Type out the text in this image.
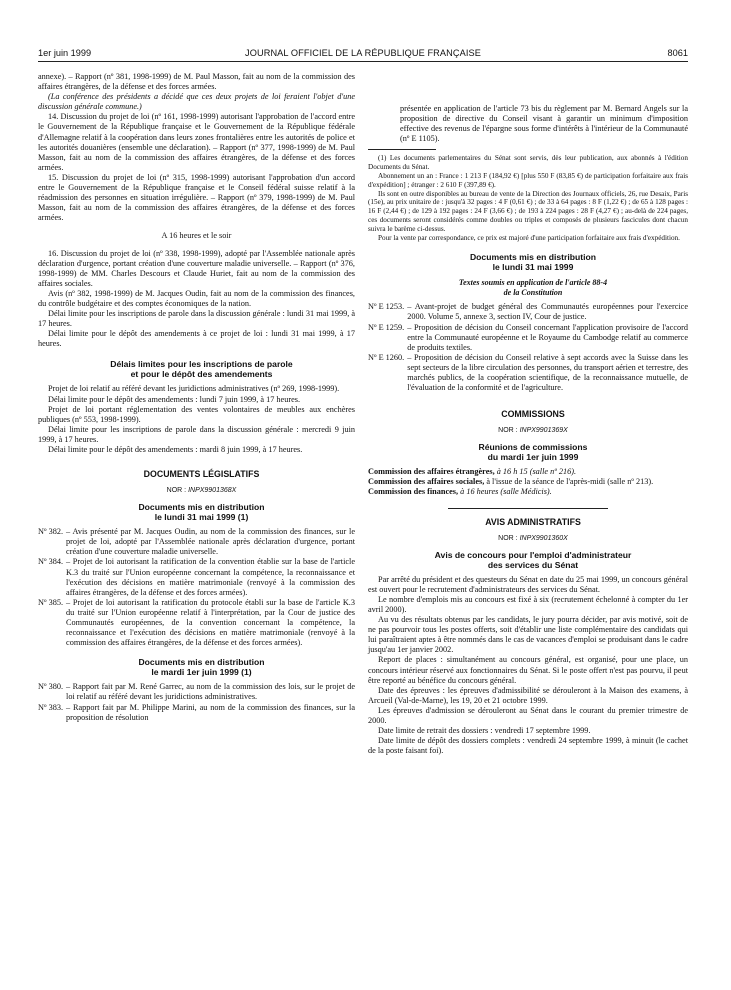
1er juin 1999	JOURNAL OFFICIEL DE LA RÉPUBLIQUE FRANÇAISE	8061

annexe). – Rapport (nº 381, 1998-1999) de M. Paul Masson, fait au nom de la commission des affaires étrangères, de la défense et des forces armées.

(La conférence des présidents a décidé que ces deux projets de loi feraient l'objet d'une discussion générale commune.)

14. Discussion du projet de loi (nº 161, 1998-1999) autorisant l'approbation de l'accord entre le Gouvernement de la République française et le Gouvernement de la République fédérale d'Allemagne relatif à la coopération dans leurs zones frontalières entre les autorités de police et les autorités douanières (ensemble une déclaration). – Rapport (nº 377, 1998-1999) de M. Paul Masson, fait au nom de la commission des affaires étrangères, de la défense et des forces armées.

15. Discussion du projet de loi (nº 315, 1998-1999) autorisant l'approbation d'un accord entre le Gouvernement de la République française et le Conseil fédéral suisse relatif à la réadmission des personnes en situation irrégulière. – Rapport (nº 379, 1998-1999) de M. Paul Masson, fait au nom de la commission des affaires étrangères, de la défense et des forces armées.

A 16 heures et le soir

16. Discussion du projet de loi (nº 338, 1998-1999), adopté par l'Assemblée nationale après déclaration d'urgence, portant création d'une couverture maladie universelle. – Rapport (nº 376, 1998-1999) de MM. Charles Descours et Claude Huriet, fait au nom de la commission des affaires sociales.

Avis (nº 382, 1998-1999) de M. Jacques Oudin, fait au nom de la commission des finances, du contrôle budgétaire et des comptes économiques de la nation.

Délai limite pour les inscriptions de parole dans la discussion générale : lundi 31 mai 1999, à 17 heures.

Délai limite pour le dépôt des amendements à ce projet de loi : lundi 31 mai 1999, à 17 heures.

Délais limites pour les inscriptions de parole

et pour le dépôt des amendements

Projet de loi relatif au référé devant les juridictions administratives (nº 269, 1998-1999).

Délai limite pour le dépôt des amendements : lundi 7 juin 1999, à 17 heures.

Projet de loi portant réglementation des ventes volontaires de meubles aux enchères publiques (nº 553, 1998-1999).

Délai limite pour les inscriptions de parole dans la discussion générale : mercredi 9 juin 1999, à 17 heures.

Délai limite pour le dépôt des amendements : mardi 8 juin 1999, à 17 heures.

DOCUMENTS LÉGISLATIFS

NOR : INPX9901368X

Documents mis en distribution

le lundi 31 mai 1999 (1)

Nº 382. – Avis présenté par M. Jacques Oudin, au nom de la commission des finances, sur le projet de loi, adopté par l'Assemblée nationale après déclaration d'urgence, portant création d'une couverture maladie universelle.
Nº 384. – Projet de loi autorisant la ratification de la convention établie sur la base de l'article K.3 du traité sur l'Union européenne concernant la compétence, la reconnaissance et l'exécution des décisions en matière matrimoniale (renvoyé à la commission des affaires étrangères, de la défense et des forces armées).
Nº 385. – Projet de loi autorisant la ratification du protocole établi sur la base de l'article K.3 du traité sur l'Union européenne relatif à l'interprétation, par la Cour de justice des Communautés européennes, de la convention concernant la compétence, la reconnaissance et l'exécution des décisions en matière matrimoniale (renvoyé à la commission des affaires étrangères, de la défense et des forces armées).

Documents mis en distribution

le mardi 1er juin 1999 (1)

Nº 380. – Rapport fait par M. René Garrec, au nom de la commission des lois, sur le projet de loi relatif au référé devant les juridictions administratives.
Nº 383. – Rapport fait par M. Philippe Marini, au nom de la commission des finances, sur la proposition de résolution

présentée en application de l'article 73 bis du règlement par M. Bernard Angels sur la proposition de directive du Conseil visant à garantir un minimum d'imposition effective des revenus de l'épargne sous forme d'intérêts à l'intérieur de la Communauté (nº E 1105).

(1) Les documents parlementaires du Sénat sont servis, dès leur publication, aux abonnés à l'édition Documents du Sénat.

Abonnement un an : France : 1 213 F (184,92 €) [plus 550 F (83,85 €) de participation forfaitaire aux frais d'expédition] ; étranger : 2 610 F (397,89 €).

Ils sont en outre disponibles au bureau de vente de la Direction des Journaux officiels, 26, rue Desaix, Paris (15e), au prix unitaire de : jusqu'à 32 pages : 4 F (0,61 €) ; de 33 à 64 pages : 8 F (1,22 €) ; de 65 à 128 pages : 16 F (2,44 €) ; de 129 à 192 pages : 24 F (3,66 €) ; de 193 à 224 pages : 28 F (4,27 €) ; au-delà de 224 pages, ces documents seront considérés comme doubles ou triples et composés de plusieurs fascicules dont chacun suivra le barème ci-dessus.

Pour la vente par correspondance, ce prix est majoré d'une participation forfaitaire aux frais d'expédition.

Documents mis en distribution

le lundi 31 mai 1999

Textes soumis en application de l'article 88-4

de la Constitution

Nº E 1253. – Avant-projet de budget général des Communautés européennes pour l'exercice 2000. Volume 5, annexe 3, section IV, Cour de justice.
Nº E 1259. – Proposition de décision du Conseil concernant l'application provisoire de l'accord entre la Communauté européenne et le Royaume du Cambodge relatif au commerce de produits textiles.
Nº E 1260. – Proposition de décision du Conseil relative à sept accords avec la Suisse dans les sept secteurs de la libre circulation des personnes, du transport aérien et terrestre, des marchés publics, de la coopération scientifique, de la reconnaissance mutuelle, de l'évaluation de la conformité et de l'agriculture.

COMMISSIONS

NOR : INPX9901369X

Réunions de commissions

du mardi 1er juin 1999

Commission des affaires étrangères, à 16 h 15 (salle nº 216).

Commission des affaires sociales, à l'issue de la séance de l'après-midi (salle nº 213).

Commission des finances, à 16 heures (salle Médicis).

AVIS ADMINISTRATIFS

NOR : INPX9901360X

Avis de concours pour l'emploi d'administrateur

des services du Sénat

Par arrêté du président et des questeurs du Sénat en date du 25 mai 1999, un concours général est ouvert pour le recrutement d'administrateurs des services du Sénat.

Le nombre d'emplois mis au concours est fixé à six (recrutement échelonné à compter du 1er avril 2000).

Au vu des résultats obtenus par les candidats, le jury pourra décider, par avis motivé, soit de ne pas pourvoir tous les postes offerts, soit d'établir une liste complémentaire des candidats qui lui paraîtraient aptes à être nommés dans le cas de vacances d'emploi se produisant dans le cadre jusqu'au 1er janvier 2002.

Report de places : simultanément au concours général, est organisé, pour une place, un concours intérieur réservé aux fonctionnaires du Sénat. Si le poste offert n'est pas pourvu, il peut être reporté au bénéfice du concours général.

Date des épreuves : les épreuves d'admissibilité se dérouleront à la Maison des examens, à Arcueil (Val-de-Marne), les 19, 20 et 21 octobre 1999.

Les épreuves d'admission se dérouleront au Sénat dans le courant du premier trimestre de 2000.

Date limite de retrait des dossiers : vendredi 17 septembre 1999.

Date limite de dépôt des dossiers complets : vendredi 24 septembre 1999, à minuit (le cachet de la poste faisant foi).
